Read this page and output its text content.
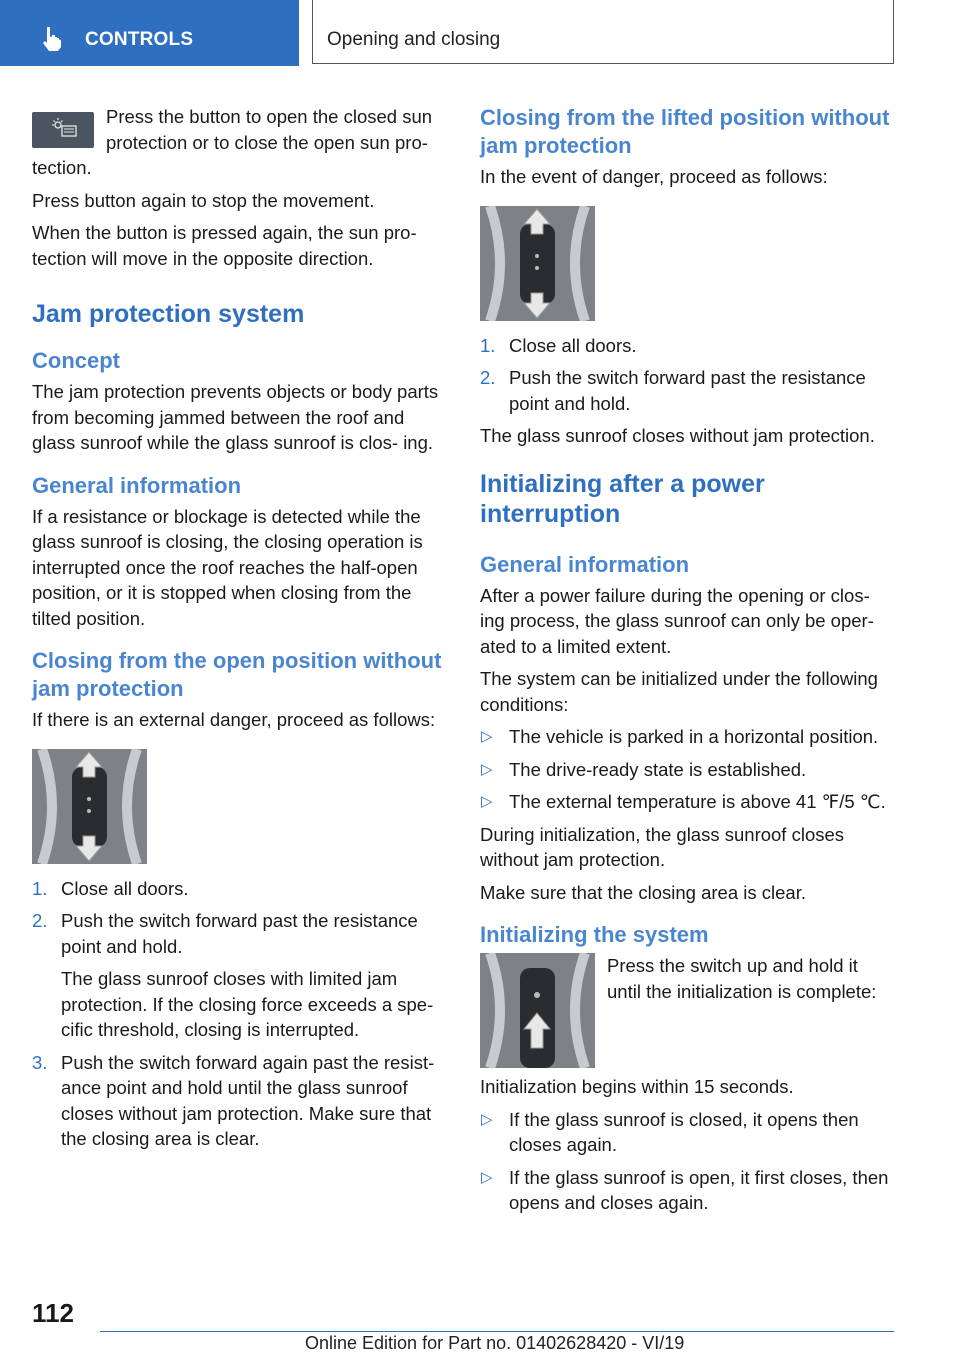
CONTROLS	Opening and closing

Press the button to open the closed sun protection or to close the open sun pro‐ tection.

Press button again to stop the movement.

When the button is pressed again, the sun pro‐ tection will move in the opposite direction.

Jam protection system
Concept

The jam protection prevents objects or body parts from becoming jammed between the roof and glass sunroof while the glass sunroof is clos‐ ing.

General information

If a resistance or blockage is detected while the glass sunroof is closing, the closing operation is interrupted once the roof reaches the half-open position, or it is stopped when closing from the tilted position.

Closing from the open position without jam protection

If there is an external danger, proceed as follows:

1. Close all doors.
2. Push the switch forward past the resistance point and hold.
The glass sunroof closes with limited jam protection. If the closing force exceeds a spe‐ cific threshold, closing is interrupted.
3. Push the switch forward again past the resist‐ ance point and hold until the glass sunroof closes without jam protection. Make sure that the closing area is clear.
Closing from the lifted position without jam protection

In the event of danger, proceed as follows:

1. Close all doors.
2. Push the switch forward past the resistance point and hold.

The glass sunroof closes without jam protection.

Initializing after a power interruption
General information

After a power failure during the opening or clos‐ ing process, the glass sunroof can only be oper‐ ated to a limited extent.

The system can be initialized under the following conditions:

▷ The vehicle is parked in a horizontal position.
▷ The drive-ready state is established.
▷ The external temperature is above 41 ℉/5 ℃.

During initialization, the glass sunroof closes without jam protection.

Make sure that the closing area is clear.

Initializing the system

Press the switch up and hold it until the initialization is complete:

Initialization begins within 15 seconds.

▷ If the glass sunroof is closed, it opens then closes again.
▷ If the glass sunroof is open, it first closes, then opens and closes again.
112
Online Edition for Part no. 01402628420 - VI/19
